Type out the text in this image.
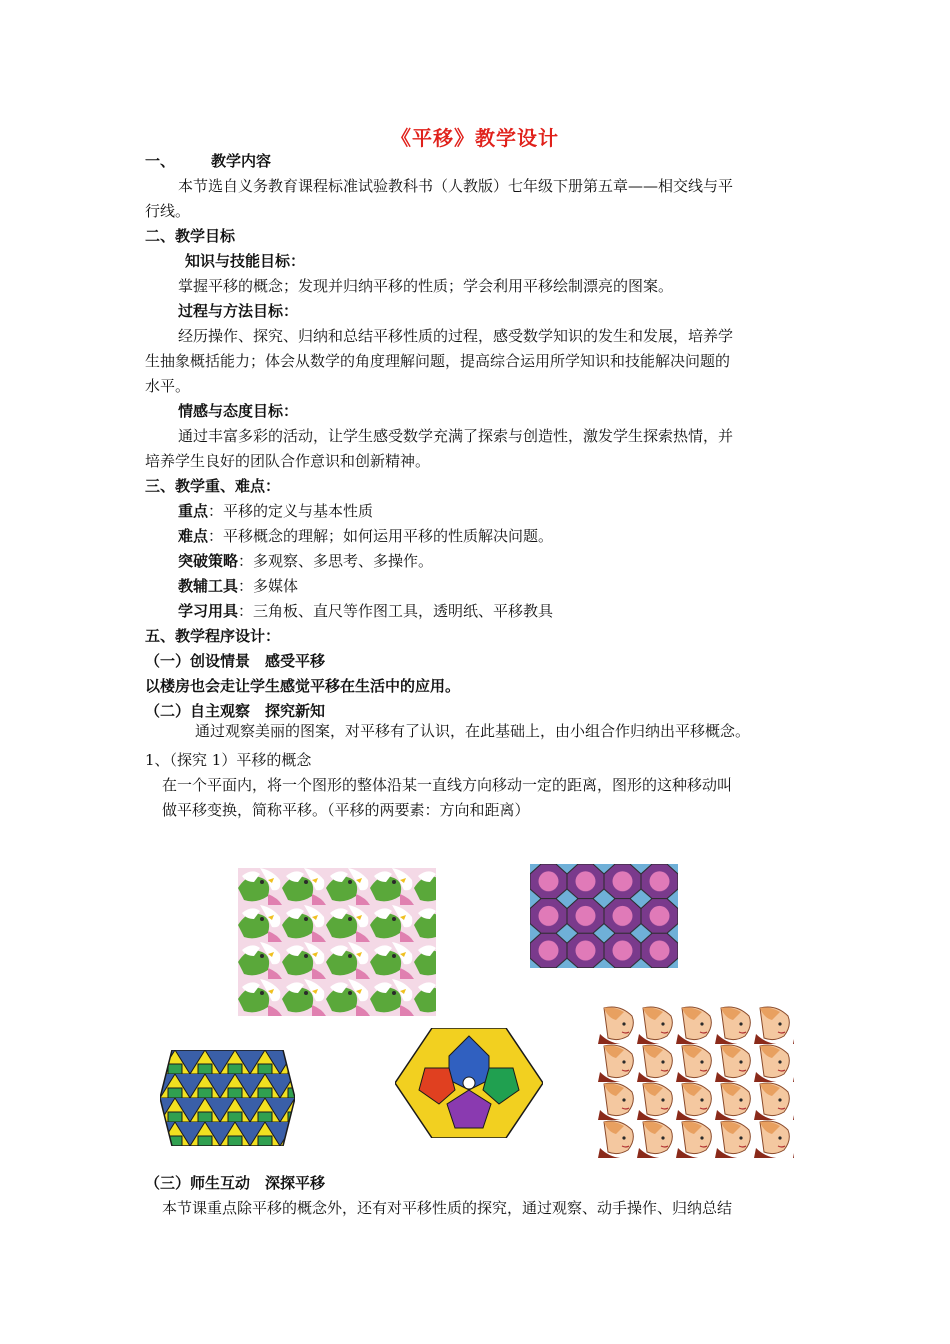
《平移》教学设计
一、 教学内容
本节选自义务教育课程标准试验教科书（人教版）七年级下册第五章——相交线与平
行线。
二、教学目标
知识与技能目标：
掌握平移的概念；发现并归纳平移的性质；学会利用平移绘制漂亮的图案。
过程与方法目标：
经历操作、探究、归纳和总结平移性质的过程，感受数学知识的发生和发展，培养学
生抽象概括能力；体会从数学的角度理解问题，提高综合运用所学知识和技能解决问题的
水平。
情感与态度目标：
通过丰富多彩的活动，让学生感受数学充满了探索与创造性，激发学生探索热情，并
培养学生良好的团队合作意识和创新精神。
三、教学重、难点：
重点：平移的定义与基本性质
难点：平移概念的理解；如何运用平移的性质解决问题。
突破策略：多观察、多思考、多操作。
教辅工具：多媒体
学习用具：三角板、直尺等作图工具，透明纸、平移教具
五、教学程序设计：
（一）创设情景　感受平移
以楼房也会走让学生感觉平移在生活中的应用。
（二）自主观察　探究新知
通过观察美丽的图案，对平移有了认识，在此基础上，由小组合作归纳出平移概念。
1、（探究 1）平移的概念
在一个平面内，将一个图形的整体沿某一直线方向移动一定的距离，图形的这种移动叫
做平移变换，简称平移。（平移的两要素：方向和距离）
（三）师生互动　深探平移
本节课重点除平移的概念外，还有对平移性质的探究，通过观察、动手操作、归纳总结
